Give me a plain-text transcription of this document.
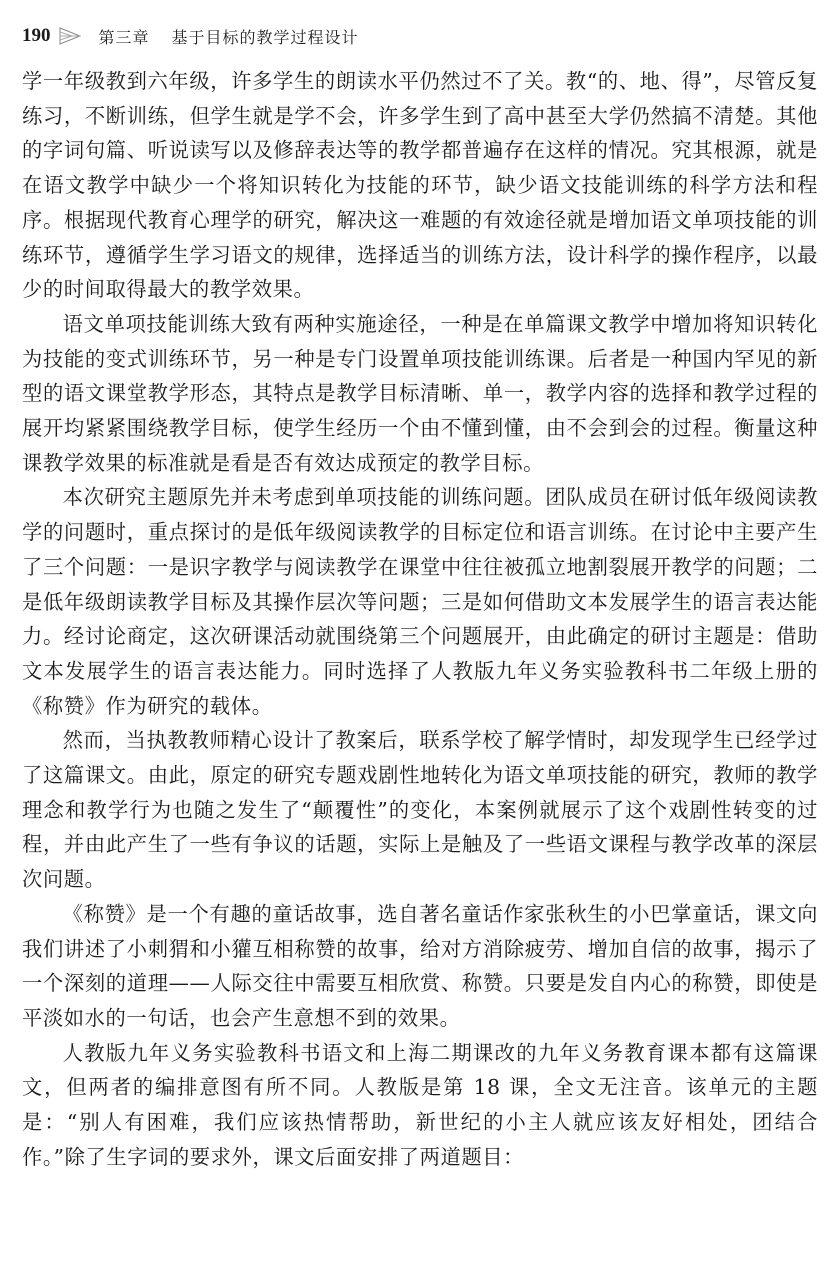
190	第三章 基于目标的教学过程设计

学一年级教到六年级，许多学生的朗读水平仍然过不了关。教“的、地、得”，尽管反复练习，不断训练，但学生就是学不会，许多学生到了高中甚至大学仍然搞不清楚。其他的字词句篇、听说读写以及修辞表达等的教学都普遍存在这样的情况。究其根源，就是在语文教学中缺少一个将知识转化为技能的环节，缺少语文技能训练的科学方法和程序。根据现代教育心理学的研究，解决这一难题的有效途径就是增加语文单项技能的训练环节，遵循学生学习语文的规律，选择适当的训练方法，设计科学的操作程序，以最少的时间取得最大的教学效果。

语文单项技能训练大致有两种实施途径，一种是在单篇课文教学中增加将知识转化为技能的变式训练环节，另一种是专门设置单项技能训练课。后者是一种国内罕见的新型的语文课堂教学形态，其特点是教学目标清晰、单一，教学内容的选择和教学过程的展开均紧紧围绕教学目标，使学生经历一个由不懂到懂，由不会到会的过程。衡量这种课教学效果的标准就是看是否有效达成预定的教学目标。

本次研究主题原先并未考虑到单项技能的训练问题。团队成员在研讨低年级阅读教学的问题时，重点探讨的是低年级阅读教学的目标定位和语言训练。在讨论中主要产生了三个问题：一是识字教学与阅读教学在课堂中往往被孤立地割裂展开教学的问题；二是低年级朗读教学目标及其操作层次等问题；三是如何借助文本发展学生的语言表达能力。经讨论商定，这次研课活动就围绕第三个问题展开，由此确定的研讨主题是：借助文本发展学生的语言表达能力。同时选择了人教版九年义务实验教科书二年级上册的《称赞》作为研究的载体。

然而，当执教教师精心设计了教案后，联系学校了解学情时，却发现学生已经学过了这篇课文。由此，原定的研究专题戏剧性地转化为语文单项技能的研究，教师的教学理念和教学行为也随之发生了“颠覆性”的变化，本案例就展示了这个戏剧性转变的过程，并由此产生了一些有争议的话题，实际上是触及了一些语文课程与教学改革的深层次问题。

《称赞》是一个有趣的童话故事，选自著名童话作家张秋生的小巴掌童话，课文向我们讲述了小刺猬和小獾互相称赞的故事，给对方消除疲劳、增加自信的故事，揭示了一个深刻的道理——人际交往中需要互相欣赏、称赞。只要是发自内心的称赞，即使是平淡如水的一句话，也会产生意想不到的效果。

人教版九年义务实验教科书语文和上海二期课改的九年义务教育课本都有这篇课文，但两者的编排意图有所不同。人教版是第 18 课，全文无注音。该单元的主题是：“别人有困难，我们应该热情帮助，新世纪的小主人就应该友好相处，团结合作。”除了生字词的要求外，课文后面安排了两道题目：
